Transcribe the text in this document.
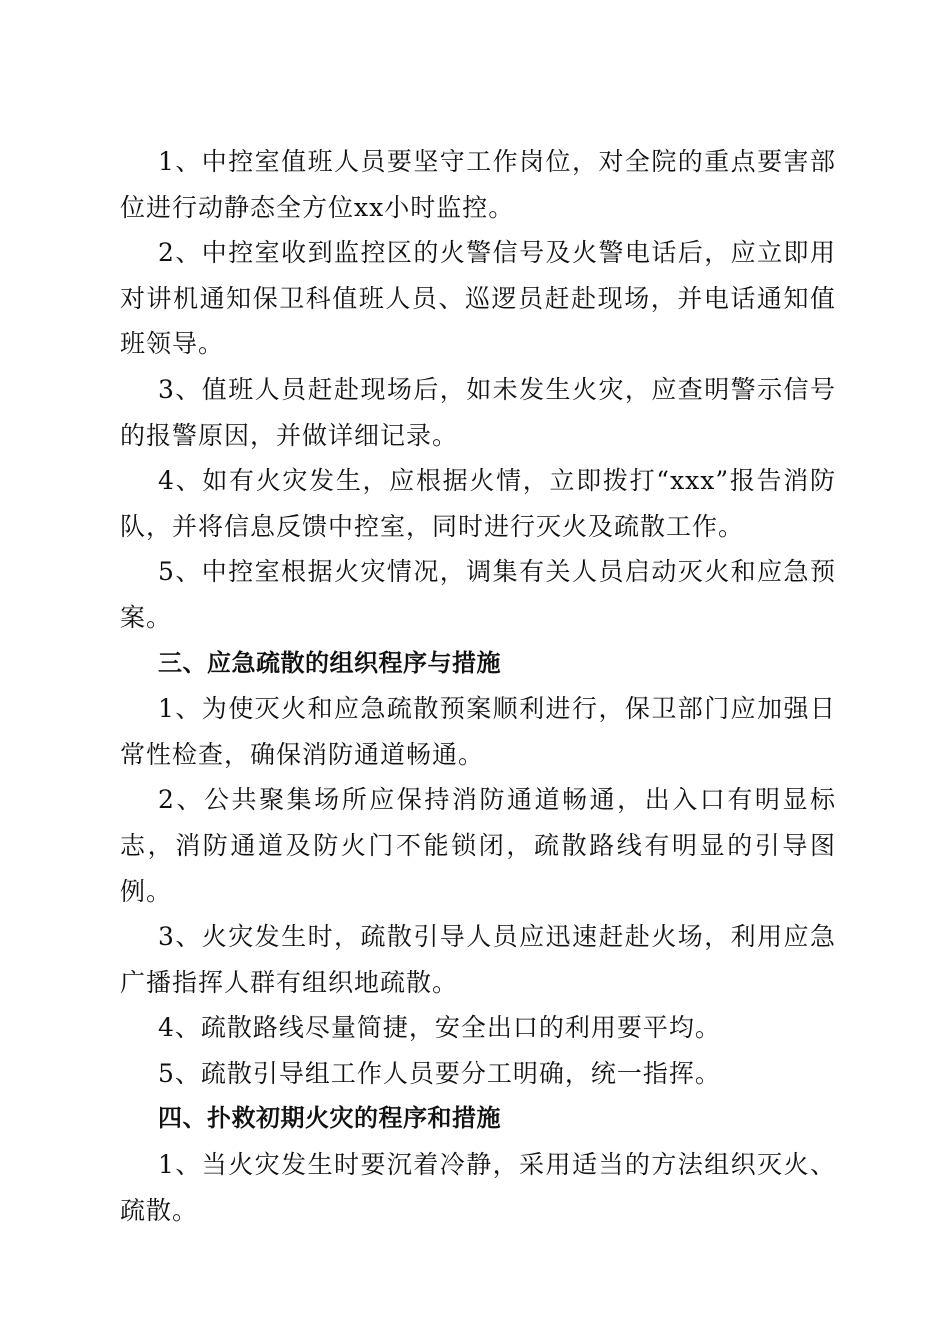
1、中控室值班人员要坚守工作岗位，对全院的重点要害部位进行动静态全方位xx小时监控。

2、中控室收到监控区的火警信号及火警电话后，应立即用对讲机通知保卫科值班人员、巡逻员赶赴现场，并电话通知值班领导。

3、值班人员赶赴现场后，如未发生火灾，应查明警示信号的报警原因，并做详细记录。

4、如有火灾发生，应根据火情，立即拨打“xxx”报告消防队，并将信息反馈中控室，同时进行灭火及疏散工作。

5、中控室根据火灾情况，调集有关人员启动灭火和应急预案。

三、应急疏散的组织程序与措施

1、为使灭火和应急疏散预案顺利进行，保卫部门应加强日常性检查，确保消防通道畅通。

2、公共聚集场所应保持消防通道畅通，出入口有明显标志，消防通道及防火门不能锁闭，疏散路线有明显的引导图例。

3、火灾发生时，疏散引导人员应迅速赶赴火场，利用应急广播指挥人群有组织地疏散。

4、疏散路线尽量简捷，安全出口的利用要平均。

5、疏散引导组工作人员要分工明确，统一指挥。

四、扑救初期火灾的程序和措施

1、当火灾发生时要沉着冷静，采用适当的方法组织灭火、疏散。
